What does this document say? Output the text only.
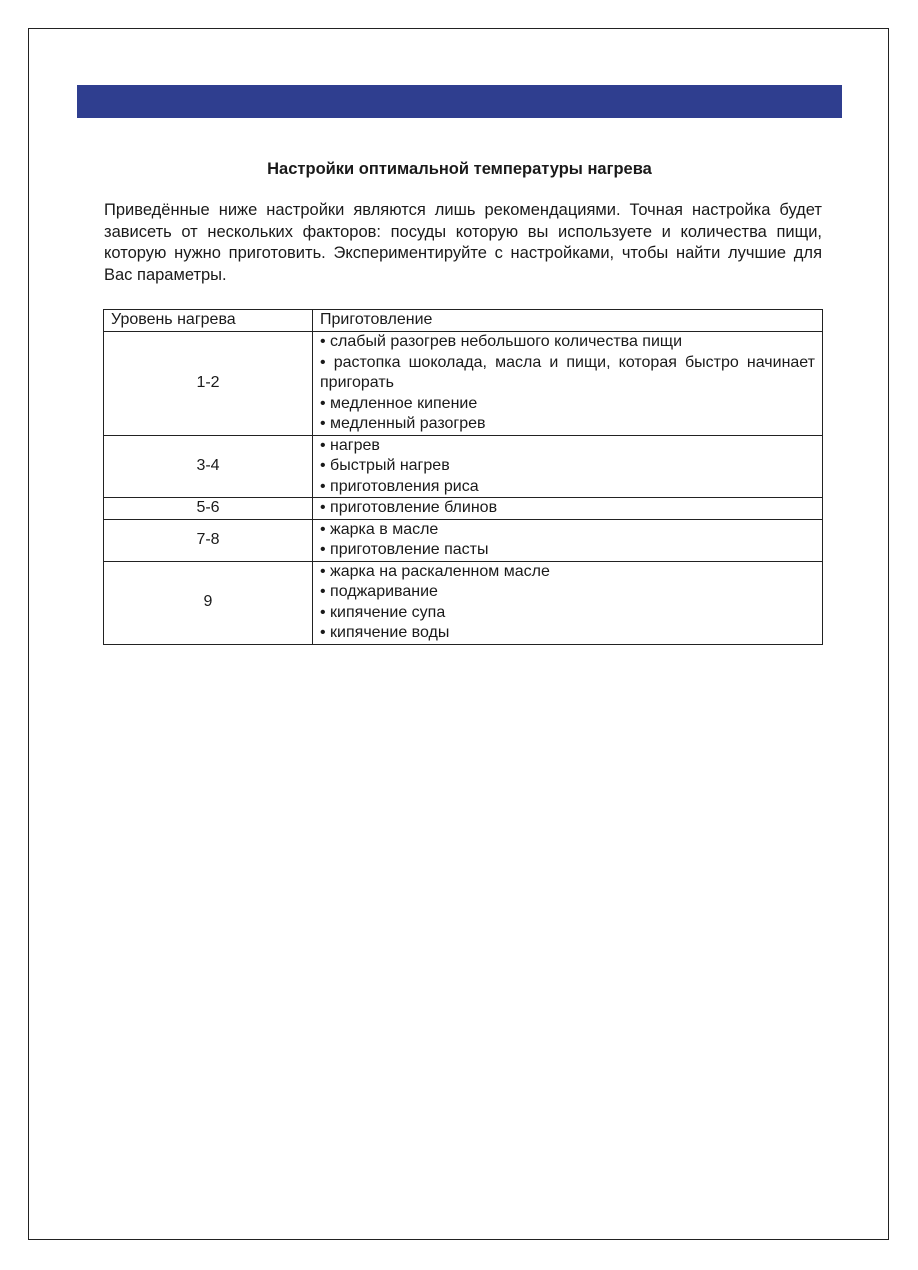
Настройки оптимальной температуры нагрева

Приведённые ниже настройки являются лишь рекомендациями. Точная настройка будет зависеть от нескольких факторов: посуды которую вы используете и количества пищи, которую нужно приготовить. Экспериментируйте с настройками, чтобы найти лучшие для Вас параметры.

Уровень нагрева	Приготовление
1-2	• слабый разогрев небольшого количества пищи
• растопка шоколада, масла и пищи, которая быстро начинает пригорать
• медленное кипение
• медленный разогрев

3-4	• нагрев
• быстрый нагрев
• приготовления риса

5-6	• приготовление блинов

7-8	• жарка в масле
• приготовление пасты

9	• жарка на раскаленном масле
• поджаривание
• кипячение супа
• кипячение воды
